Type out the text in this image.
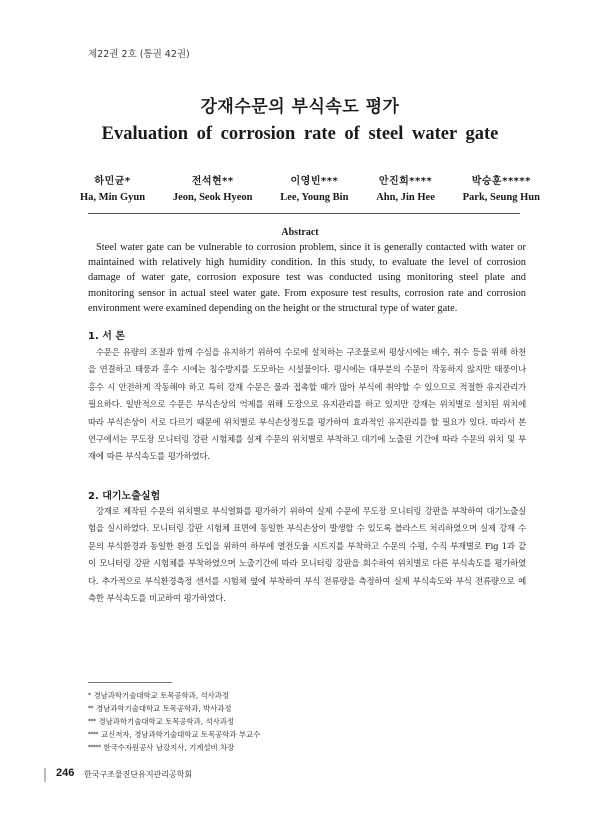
제22권 2호 (통권 42권)
강재수문의 부식속도 평가
Evaluation of corrosion rate of steel water gate
하민균*
Ha, Min Gyun
전석현**
Jeon, Seok Hyeon
이영빈***
Lee, Young Bin
안진희****
Ahn, Jin Hee
박승훈*****
Park, Seung Hun
Abstract

Steel water gate can be vulnerable to corrosion problem, since it is generally contacted with water or maintained with relatively high humidity condition. In this study, to evaluate the level of corrosion damage of water gate, corrosion exposure test was conducted using monitoring steel plate and monitoring sensor in actual steel water gate. From exposure test results, corrosion rate and corrosion environment were examined depending on the height or the structural type of water gate.

1. 서 론

수문은 유량의 조절과 함께 수심을 유지하기 위하여 수로에 설치하는 구조물로써 평상시에는 배수, 취수 등을 위해 하천을 연결하고 태풍과 홍수 시에는 침수방지를 도모하는 시설물이다. 평시에는 대부분의 수문이 작동하지 않지만 태풍이나 홍수 시 안전하게 작동해야 하고 특히 강재 수문은 물과 접촉할 때가 많아 부식에 취약할 수 있으므로 적절한 유지관리가 필요하다. 일반적으로 수문은 부식손상의 억제를 위해 도장으로 유지관리를 하고 있지만 강재는 위치별로 설치된 위치에 따라 부식손상이 서로 다르기 때문에 위치별로 부식손상정도를 평가하여 효과적인 유지관리를 할 필요가 있다. 따라서 본 연구에서는 무도장 모니터링 강판 시험체를 실제 수문의 위치별로 부착하고 대기에 노출된 기간에 따라 수문의 위치 및 부재에 따른 부식속도를 평가하였다.

2. 대기노출실험

강재로 제작된 수문의 위치별로 부식열화를 평가하기 위하여 실제 수문에 무도장 모니터링 강판을 부착하여 대기노출실험을 실시하였다. 모니터링 강판 시험체 표면에 동일한 부식손상이 발생할 수 있도록 블라스트 처리하였으며 실제 강재 수문의 부식환경과 동일한 환경 도입을 위하여 하부에 열전도율 시트지를 부착하고 수문의 수평, 수직 부재별로 Fig 1과 같이 모니터링 강판 시험체를 부착하였으며 노출기간에 따라 모니터링 강판을 회수하여 위치별로 다른 부식속도를 평가하였다. 추가적으로 부식환경측정 센서를 시험체 옆에 부착하여 부식 전류량을 측정하여 실제 부식속도와 부식 전류량으로 예측한 부식속도를 비교하여 평가하였다.

* 경남과학기술대학교 토목공학과, 석사과정
** 경남과학기술대학교 토목공학과, 박사과정
*** 경남과학기술대학교 토목공학과, 석사과정
**** 교신저자, 경남과학기술대학교 토목공학과 부교수
***** 한국수자원공사 남강지사, 기계설비 차장
246 한국구조물진단유지관리공학회
